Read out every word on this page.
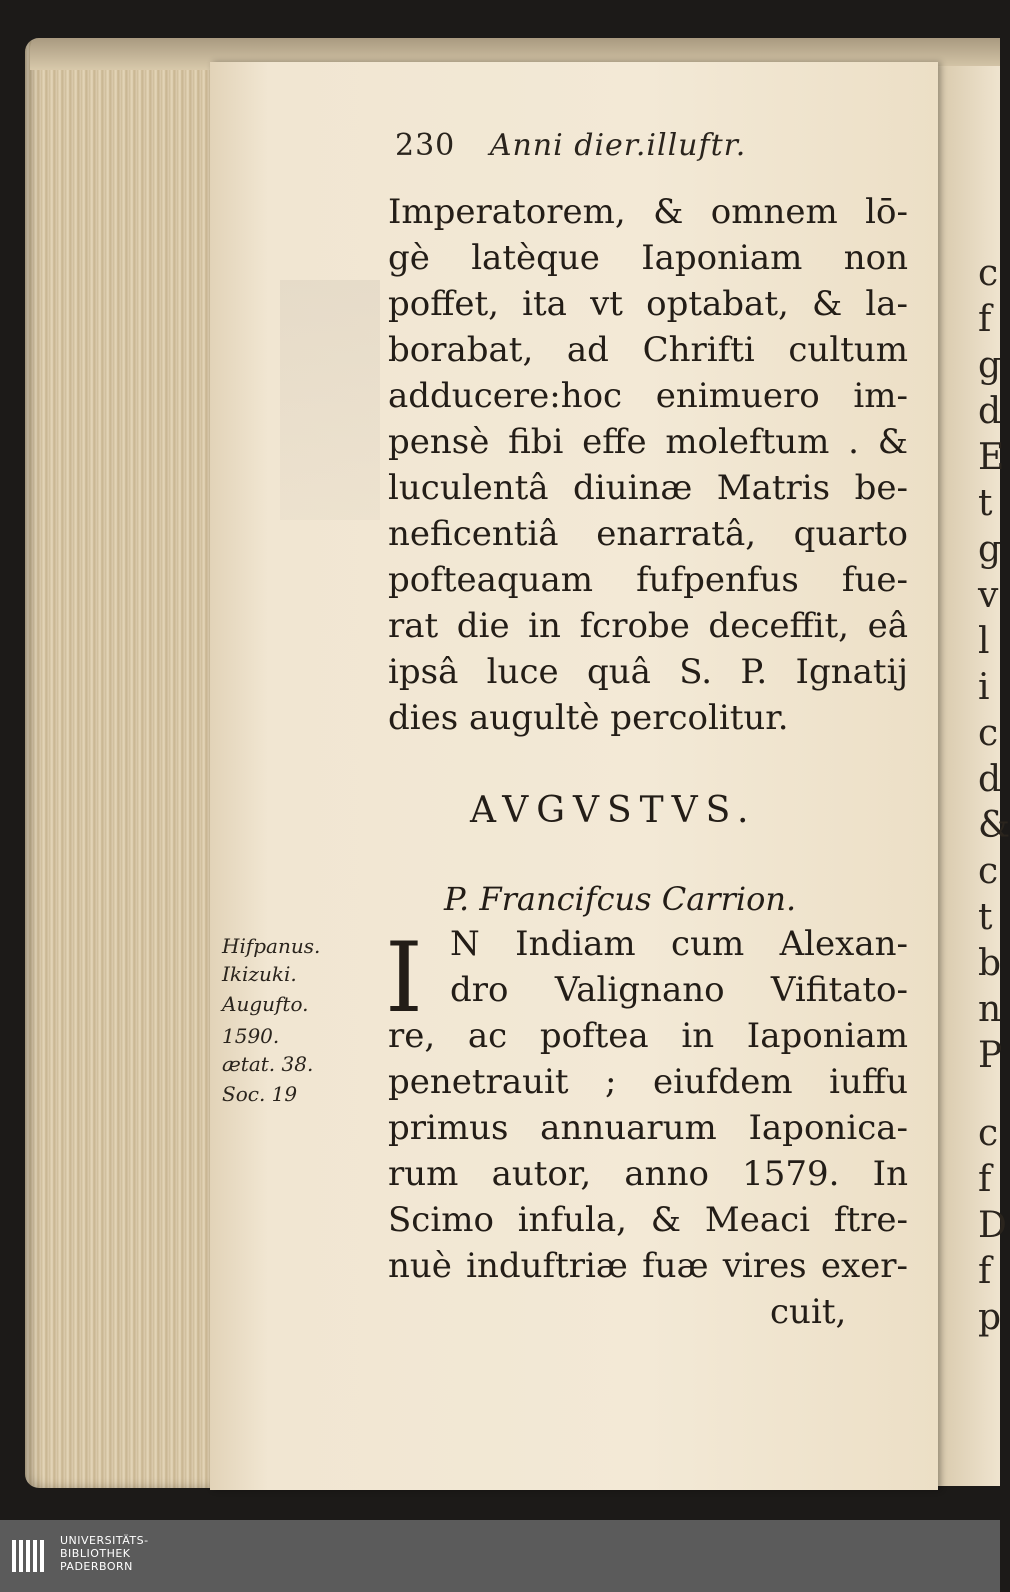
c
f
g
d
E
t
g
v
l
i
c
d
&
c
t
b
n
P
c
f
D
f
p
230 Anni dier.illuftr.
Imperatorem, & omnem lō-
gè latèque Iaponiam non
poffet, ita vt optabat, & la-
borabat, ad Chrifti cultum
adducere:hoc enimuero im-
pensè fibi effe moleftum . &
luculentâ diuinæ Matris be-
neficentiâ enarratâ, quarto
pofteaquam fufpenfus fue-
rat die in fcrobe deceffit, eâ
ipsâ luce quâ S. P. Ignatij
dies augultè percolitur.
AVGVSTVS.
P. Francifcus Carrion.
I N Indiam cum Alexan-
dro Valignano Vifitato-
re, ac poftea in Iaponiam
penetrauit ; eiufdem iuffu
primus annuarum Iaponica-
rum autor, anno 1579. In
Scimo infula, & Meaci ftre-
nuè induftriæ fuæ vires exer-
cuit,
Hifpanus.
Ikizuki.
Augufto.
1590.
ætat. 38.
Soc. 19
UNIVERSITÄTS-
BIBLIOTHEK
PADERBORN
